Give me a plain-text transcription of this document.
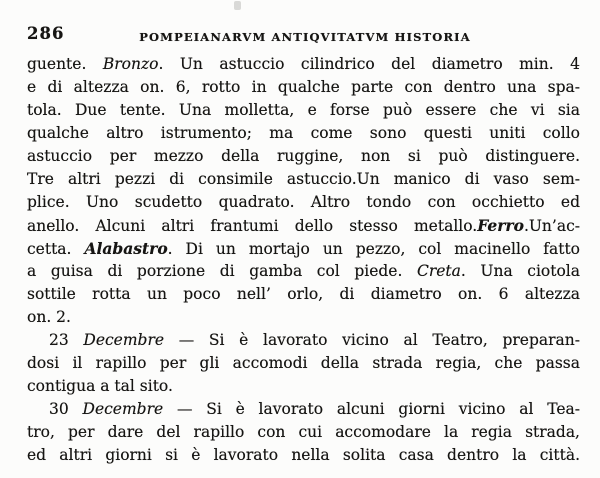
286	POMPEIANARVM ANTIQVITATVM HISTORIA
guente. Bronzo. Un astuccio cilindrico del diametro min. 4
e di altezza on. 6, rotto in qualche parte con dentro una spa-
tola. Due tente. Una molletta, e forse può essere che vi sia
qualche altro istrumento; ma come sono questi uniti collo
astuccio per mezzo della ruggine, non si può distinguere.
Tre altri pezzi di consimile astuccio.Un manico di vaso sem-
plice. Uno scudetto quadrato. Altro tondo con occhietto ed
anello. Alcuni altri frantumi dello stesso metallo.Ferro.Un’ac-
cetta. Alabastro. Di un mortajo un pezzo, col macinello fatto
a guisa di porzione di gamba col piede. Creta. Una ciotola
sottile rotta un poco nell’ orlo, di diametro on. 6 altezza
on. 2.
23 Decembre — Si è lavorato vicino al Teatro, preparan-
dosi il rapillo per gli accomodi della strada regia, che passa
contigua a tal sito.
30 Decembre — Si è lavorato alcuni giorni vicino al Tea-
tro, per dare del rapillo con cui accomodare la regia strada,
ed altri giorni si è lavorato nella solita casa dentro la città.
